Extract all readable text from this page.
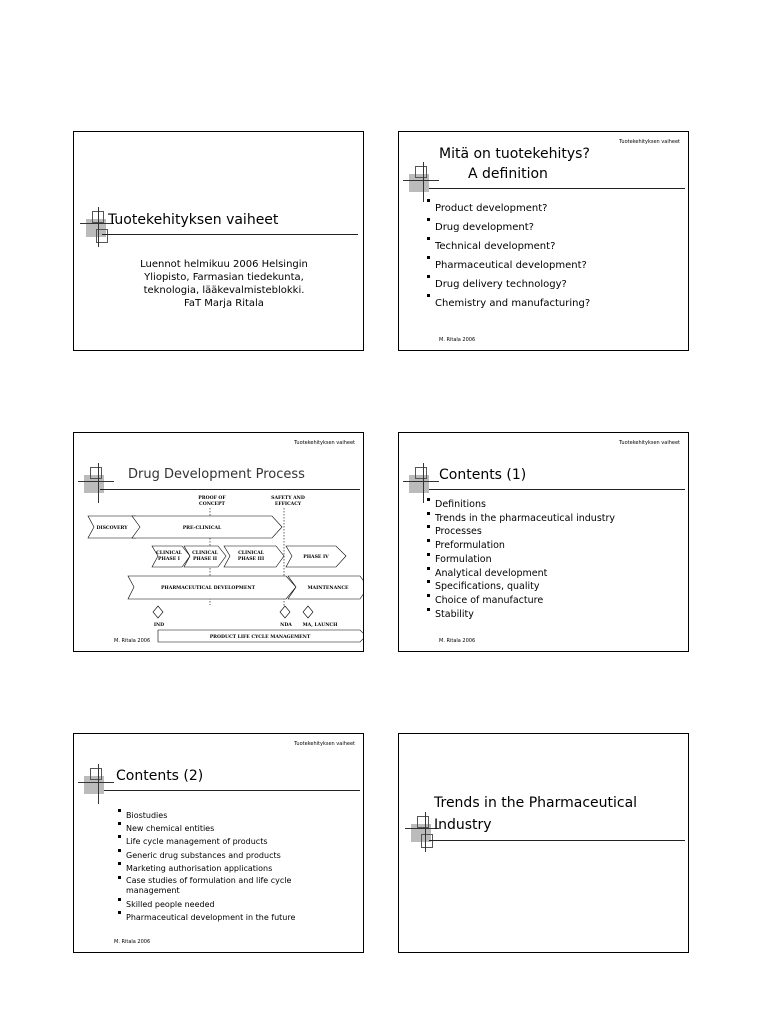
Tuotekehityksen vaiheet
Luennot helmikuu 2006 Helsingin
Yliopisto, Farmasian tiedekunta,
teknologia, lääkevalmisteblokki.
FaT Marja Ritala
Tuotekehityksen vaiheet
Mitä on tuotekehitys?
A definition
Product development?
Drug development?
Technical development?
Pharmaceutical development?
Drug delivery technology?
Chemistry and manufacturing?
M. Ritala 2006
Tuotekehityksen vaiheet
Drug Development Process
PROOF OF
CONCEPT
SAFETY AND
EFFICACY
DISCOVERY	PRE-CLINICAL
CLINICAL
PHASE I
CLINICAL
PHASE II
CLINICAL
PHASE III	PHASE IV
PHARMACEUTICAL DEVELOPMENT	MAINTENANCE
IND	NDA MA, LAUNCH
PRODUCT LIFE CYCLE MANAGEMENT
M. Ritala 2006
Tuotekehityksen vaiheet
Contents (1)
Definitions
Trends in the pharmaceutical industry
Processes
Preformulation
Formulation
Analytical development
Specifications, quality
Choice of manufacture
Stability
M. Ritala 2006
Tuotekehityksen vaiheet
Contents (2)
Biostudies
New chemical entities
Life cycle management of products
Generic drug substances and products
Marketing authorisation applications
Case studies of formulation and life cycle management
Skilled people needed
Pharmaceutical development in the future
M. Ritala 2006
Trends in the Pharmaceutical
Industry
